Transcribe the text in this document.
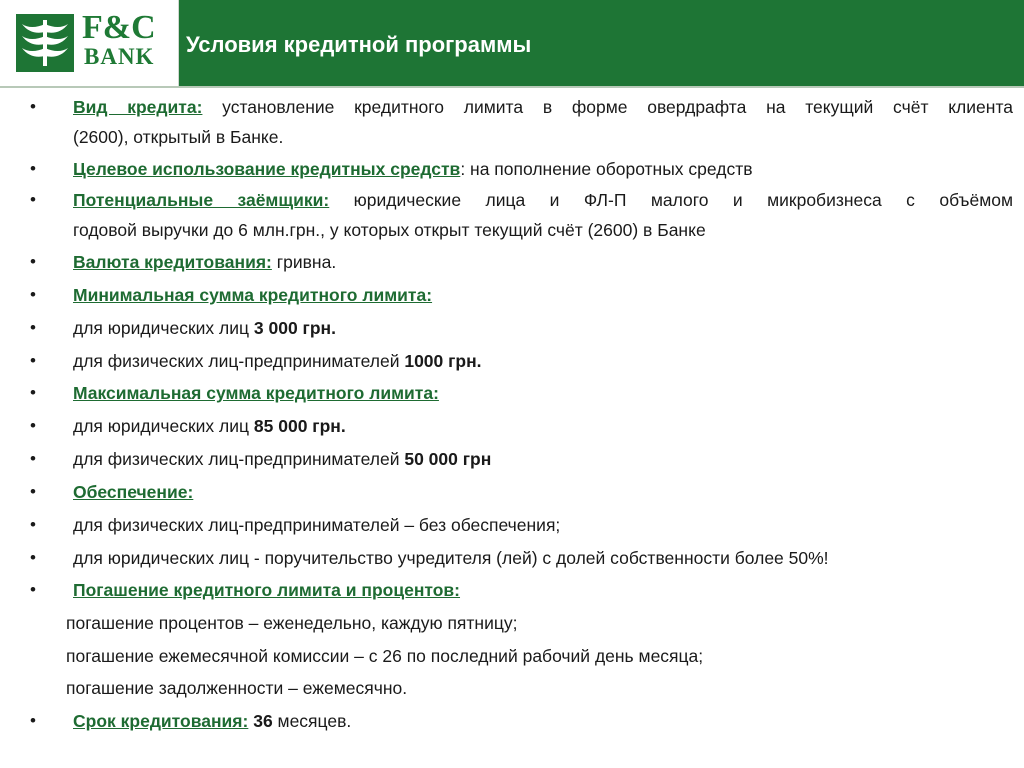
F&C
BANK Условия кредитной программы
•	Вид кредита: установление кредитного лимита в форме овердрафта на текущий счёт клиента
(2600), открытый в Банке.
•	Целевое использование кредитных средств: на пополнение оборотных средств
•	Потенциальные заёмщики: юридические лица и ФЛ-П малого и микробизнеса с объёмом
годовой выручки до 6 млн.грн., у которых открыт текущий счёт (2600) в Банке
•	Валюта кредитования: гривна.
•	Минимальная сумма кредитного лимита:
•	для юридических лиц 3 000 грн.
•	для физических лиц-предпринимателей 1000 грн.
•	Максимальная сумма кредитного лимита:
•	для юридических лиц 85 000 грн.
•	для физических лиц-предпринимателей 50 000 грн
•	Обеспечение:
•	для физических лиц-предпринимателей – без обеспечения;
•	для юридических лиц - поручительство учредителя (лей) с долей собственности более 50%!
•	Погашение кредитного лимита и процентов:
погашение процентов – еженедельно, каждую пятницу;
погашение ежемесячной комиссии – с 26 по последний рабочий день месяца;
погашение задолженности – ежемесячно.
•	Срок кредитования: 36 месяцев.
